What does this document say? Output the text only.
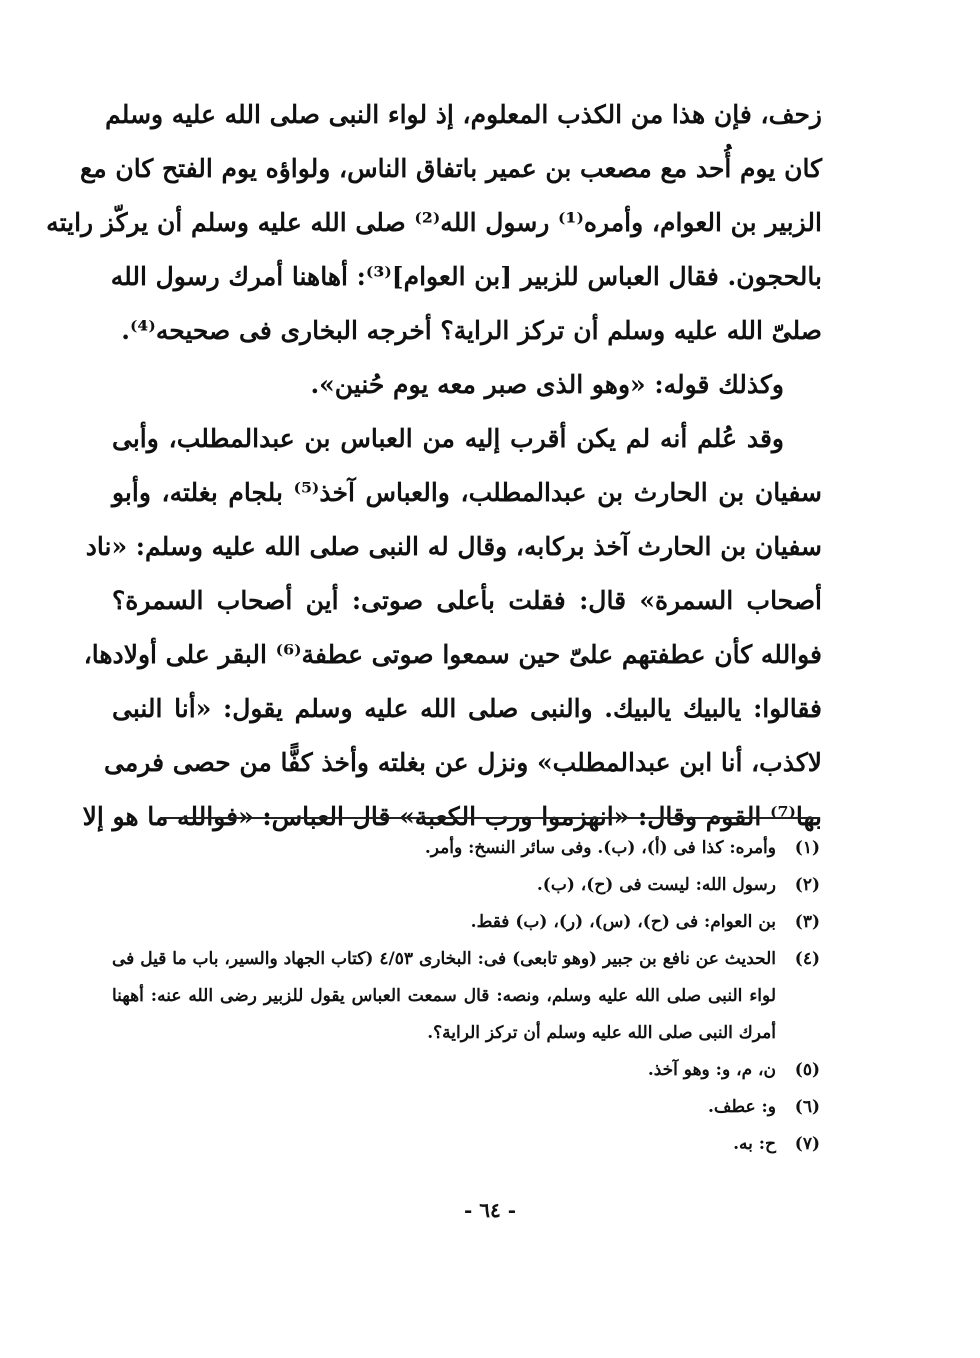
زحف، فإن هذا من الكذب المعلوم، إذ لواء النبى صلى الله عليه وسلم
كان يوم أُحد مع مصعب بن عمير باتفاق الناس، ولواؤه يوم الفتح كان مع
الزبير بن العوام، وأمره⁽¹⁾ رسول الله⁽²⁾ صلى الله عليه وسلم أن يركّز رايته
بالحجون. فقال العباس للزبير [بن العوام]⁽³⁾: أهاهنا أمرك رسول الله
صلىّ الله عليه وسلم أن تركز الراية؟ أخرجه البخارى فى صحيحه⁽⁴⁾.
وكذلك قوله: «وهو الذى صبر معه يوم حُنين».
وقد عُلم أنه لم يكن أقرب إليه من العباس بن عبدالمطلب، وأبى
سفيان بن الحارث بن عبدالمطلب، والعباس آخذ⁽⁵⁾ بلجام بغلته، وأبو
سفيان بن الحارث آخذ بركابه، وقال له النبى صلى الله عليه وسلم: «ناد
أصحاب السمرة» قال: فقلت بأعلى صوتى: أين أصحاب السمرة؟
فوالله كأن عطفتهم علىّ حين سمعوا صوتى عطفة⁽⁶⁾ البقر على أولادها،
فقالوا: يالبيك يالبيك. والنبى صلى الله عليه وسلم يقول: «أنا النبى
لاكذب، أنا ابن عبدالمطلب» ونزل عن بغلته وأخذ كفًّا من حصى فرمى
بها⁽⁷⁾ القوم وقال: «انهزموا ورب الكعبة» قال العباس: «فوالله ما هو إلا
(١)
وأمره: كذا فى (أ)، (ب). وفى سائر النسخ: وأمر.
(٢)
رسول الله: ليست فى (ح)، (ب).
(٣)
بن العوام: فى (ح)، (س)، (ر)، (ب) فقط.
(٤)
الحديث عن نافع بن جبير (وهو تابعى) فى: البخارى ٤/٥٣ (كتاب الجهاد والسير، باب ما قيل فى لواء النبى صلى الله عليه وسلم، ونصه: قال سمعت العباس يقول للزبير رضى الله عنه: أههنا أمرك النبى صلى الله عليه وسلم أن تركز الراية؟.
(٥)
ن، م، و: وهو آخذ.
(٦)
و: عطف.
(٧)
ح: به.
- ٦٤ -
